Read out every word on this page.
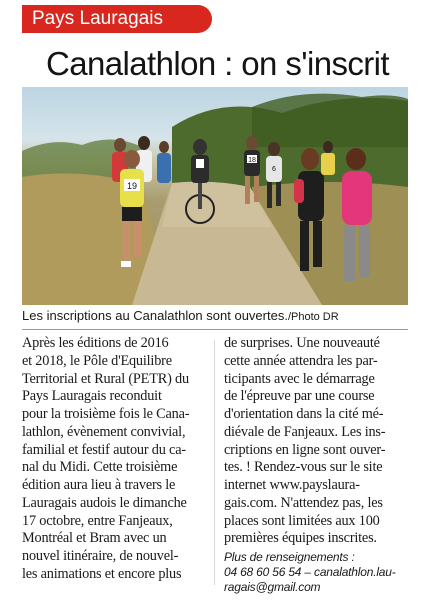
Pays Lauragais
Canalathlon : on s'inscrit
19
18
6
Les inscriptions au Canalathlon sont ouvertes./Photo DR

Après les éditions de 2016

et 2018, le Pôle d'Equilibre

Territorial et Rural (PETR) du

Pays Lauragais reconduit

pour la troisième fois le Cana-

lathlon, évènement convivial,

familial et festif autour du ca-

nal du Midi. Cette troisième

édition aura lieu à travers le

Lauragais audois le dimanche

17 octobre, entre Fanjeaux,

Montréal et Bram avec un

nouvel itinéraire, de nouvel-

les animations et encore plus

de surprises. Une nouveauté

cette année attendra les par-

ticipants avec le démarrage

de l'épreuve par une course

d'orientation dans la cité mé-

diévale de Fanjeaux. Les ins-

criptions en ligne sont ouver-

tes. ! Rendez-vous sur le site

internet www.payslaura-

gais.com. N'attendez pas, les

places sont limitées aux 100

premières équipes inscrites.

Plus de renseignements :
04 68 60 56 54 – canalathlon.lau-
ragais@gmail.com
